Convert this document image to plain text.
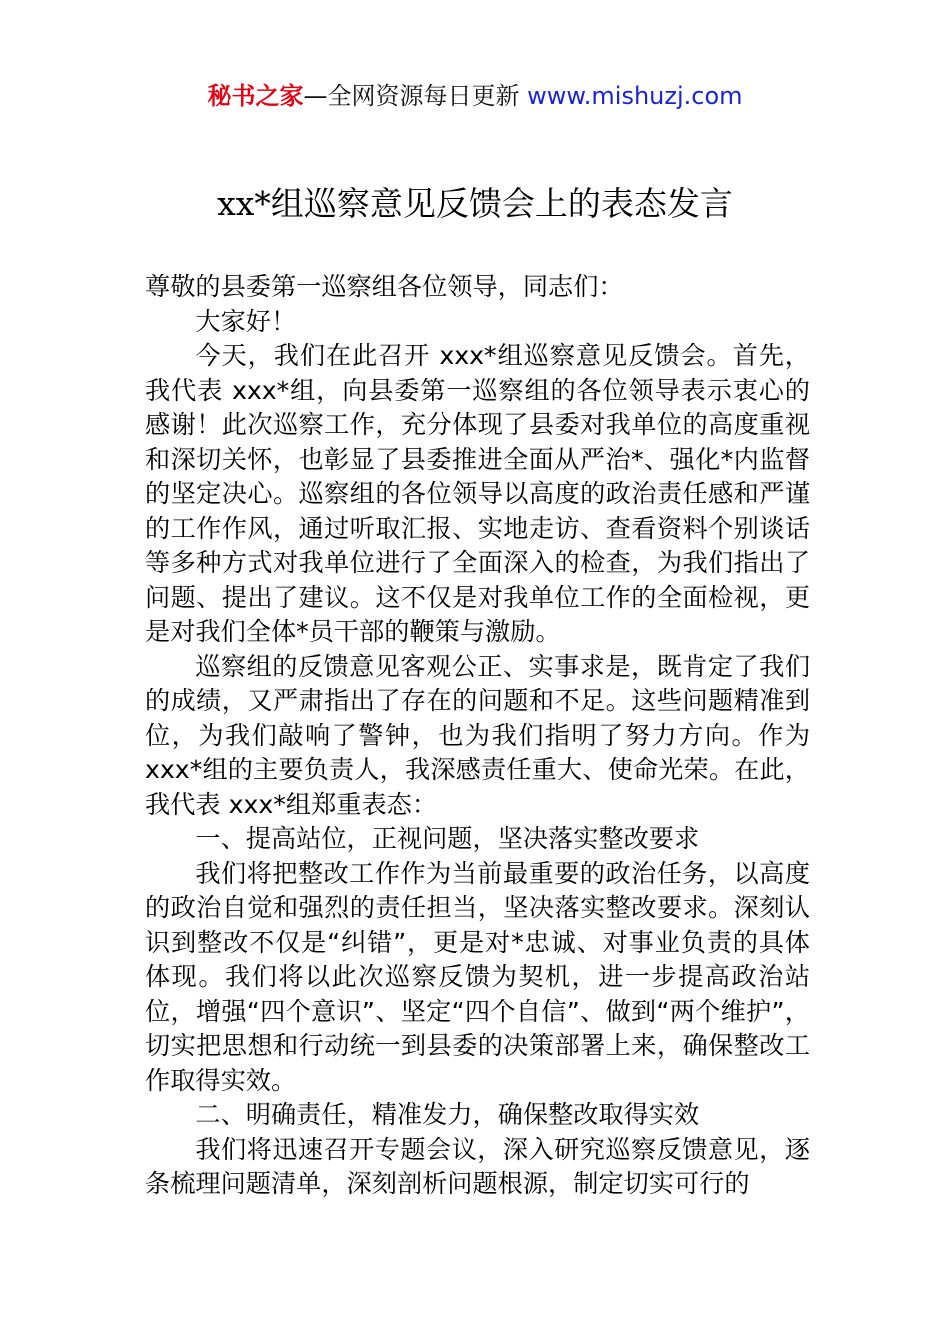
秘书之家—全网资源每日更新 www.mishuzj.com
xx*组巡察意见反馈会上的表态发言

尊敬的县委第一巡察组各位领导，同志们：

大家好！

今天，我们在此召开 xxx*组巡察意见反馈会。首先，我代表 xxx*组，向县委第一巡察组的各位领导表示衷心的感谢！此次巡察工作，充分体现了县委对我单位的高度重视和深切关怀，也彰显了县委推进全面从严治*、强化*内监督的坚定决心。巡察组的各位领导以高度的政治责任感和严谨的工作作风，通过听取汇报、实地走访、查看资料个别谈话等多种方式对我单位进行了全面深入的检查，为我们指出了问题、提出了建议。这不仅是对我单位工作的全面检视，更是对我们全体*员干部的鞭策与激励。

巡察组的反馈意见客观公正、实事求是，既肯定了我们的成绩，又严肃指出了存在的问题和不足。这些问题精准到位，为我们敲响了警钟，也为我们指明了努力方向。作为 xxx*组的主要负责人，我深感责任重大、使命光荣。在此，我代表 xxx*组郑重表态：

一、提高站位，正视问题，坚决落实整改要求

我们将把整改工作作为当前最重要的政治任务，以高度的政治自觉和强烈的责任担当，坚决落实整改要求。深刻认识到整改不仅是“纠错”，更是对*忠诚、对事业负责的具体体现。我们将以此次巡察反馈为契机，进一步提高政治站位，增强“四个意识”、坚定“四个自信”、做到“两个维护”，切实把思想和行动统一到县委的决策部署上来，确保整改工作取得实效。

二、明确责任，精准发力，确保整改取得实效

我们将迅速召开专题会议，深入研究巡察反馈意见，逐条梳理问题清单，深刻剖析问题根源，制定切实可行的
